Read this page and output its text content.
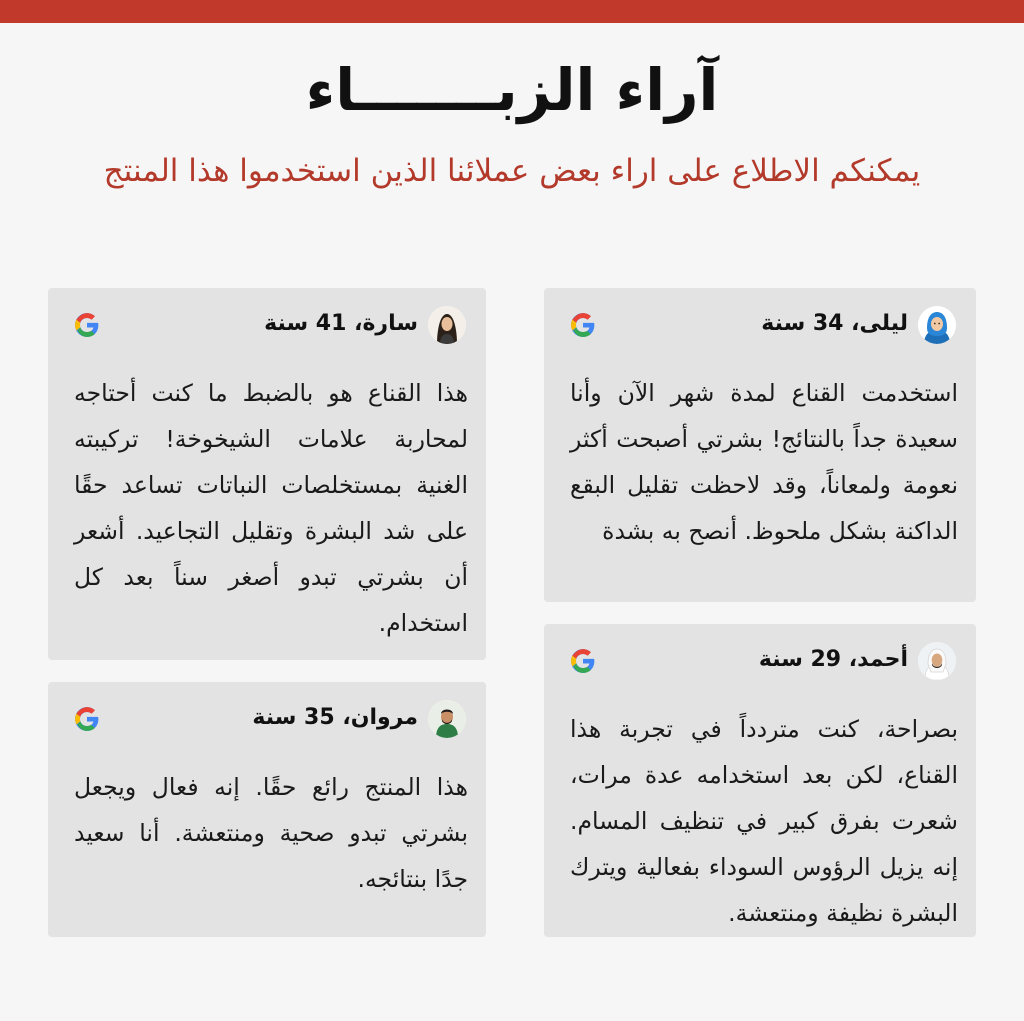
آراء الزبـــــــاء

يمكنكم الاطلاع على اراء بعض عملائنا الذين استخدموا هذا المنتج

ليلى، 34 سنة
استخدمت القناع لمدة شهر الآن وأنا سعيدة جداً بالنتائج! بشرتي أصبحت أكثر نعومة ولمعاناً، وقد لاحظت تقليل البقع الداكنة بشكل ملحوظ. أنصح به بشدة
سارة، 41 سنة
هذا القناع هو بالضبط ما كنت أحتاجه لمحاربة علامات الشيخوخة! تركيبته الغنية بمستخلصات النباتات تساعد حقًا على شد البشرة وتقليل التجاعيد. أشعر أن بشرتي تبدو أصغر سناً بعد كل استخدام.
أحمد، 29 سنة
بصراحة، كنت متردداً في تجربة هذا القناع، لكن بعد استخدامه عدة مرات، شعرت بفرق كبير في تنظيف المسام. إنه يزيل الرؤوس السوداء بفعالية ويترك البشرة نظيفة ومنتعشة.
مروان، 35 سنة
هذا المنتج رائع حقًا. إنه فعال ويجعل بشرتي تبدو صحية ومنتعشة. أنا سعيد جدًا بنتائجه.
